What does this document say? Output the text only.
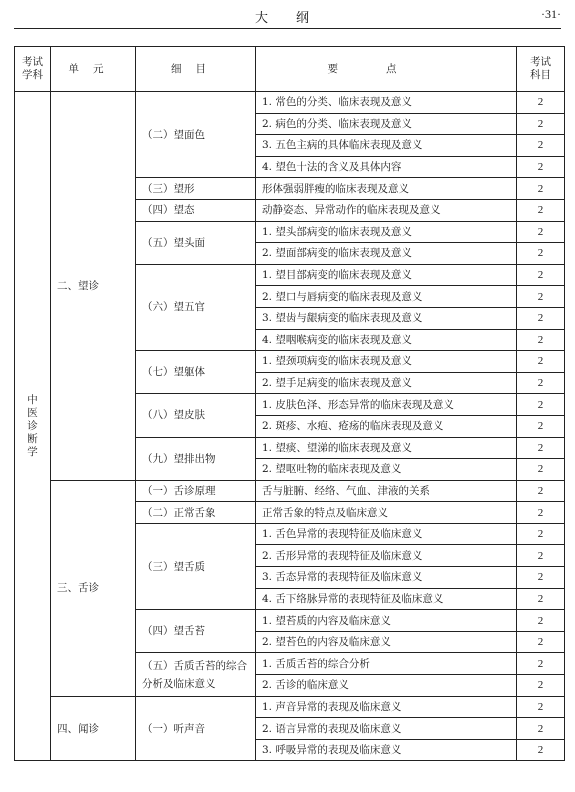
大纲	·31·
考试学科	单元	细目	要点	考试科目
中医诊断学	二、望诊	（二）望面色	1. 常色的分类、临床表现及意义	2
			2. 病色的分类、临床表现及意义	2
			3. 五色主病的具体临床表现及意义	2
			4. 望色十法的含义及具体内容	2
		（三）望形	形体强弱胖瘦的临床表现及意义	2
		（四）望态	动静姿态、异常动作的临床表现及意义	2
		（五）望头面	1. 望头部病变的临床表现及意义	2
			2. 望面部病变的临床表现及意义	2
		（六）望五官	1. 望目部病变的临床表现及意义	2
			2. 望口与唇病变的临床表现及意义	2
			3. 望齿与龈病变的临床表现及意义	2
			4. 望咽喉病变的临床表现及意义	2
		（七）望躯体	1. 望颈项病变的临床表现及意义	2
			2. 望手足病变的临床表现及意义	2
		（八）望皮肤	1. 皮肤色泽、形态异常的临床表现及意义	2
			2. 斑疹、水疱、疮疡的临床表现及意义	2
		（九）望排出物	1. 望痰、望涕的临床表现及意义	2
			2. 望呕吐物的临床表现及意义	2
	三、舌诊	（一）舌诊原理	舌与脏腑、经络、气血、津液的关系	2
		（二）正常舌象	正常舌象的特点及临床意义	2
		（三）望舌质	1. 舌色异常的表现特征及临床意义	2
			2. 舌形异常的表现特征及临床意义	2
			3. 舌态异常的表现特征及临床意义	2
			4. 舌下络脉异常的表现特征及临床意义	2
		（四）望舌苔	1. 望苔质的内容及临床意义	2
			2. 望苔色的内容及临床意义	2
		（五）舌质舌苔的综合分析及临床意义	1. 舌质舌苔的综合分析	2
			2. 舌诊的临床意义	2
	四、闻诊	（一）听声音	1. 声音异常的表现及临床意义	2
			2. 语言异常的表现及临床意义	2
			3. 呼吸异常的表现及临床意义	2
